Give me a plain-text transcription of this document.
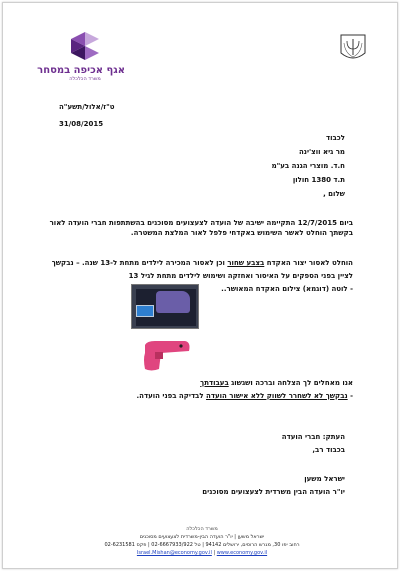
אגף אכיפה במסחר
משרד הכלכלה
ט"ז/אלול/תשע"ה
31/08/2015
לכבוד
מר גיא ווצ'ינה
ח.ד. מוצרי הגנה בע"מ
ת.ד 1380 חולון
שלום ,
ביום 12/7/2015 התקיימה ישיבה של הועדה לצעצועים מסוכנים בהשתתפות חברי הועדה לאור בקשתך הוחלט לאשר השימוש באקדחי פלפל לאור המלצת המשטרה.
הוחלט לאסור יצור האקדח בצבע שחור וכן לאסור המכירה לילדים מתחת ל-13 שנה. – נבקשך לציין בפני הספקים על האיסור ואחזקה ושימוש לילדים מתחת לגיל 13
- לוטה (דוגמא) צילום האקדח המאושר..
אנו מאחלים לך הצלחה וברכה ושגשוג בעבודתך
- נבקשך לא לשחרר לשווק ללא אישור הועדה לבדיקה בפני הועדה.
העתק: חברי הועדה
בכבוד רב,
ישראל משען
יו"ר הועדה הבין משרדית לצעצועים מסוכנים
משרד הכלכלה
ישראל משען | יו"ר הועדה הבין-משרדית לצעצועים מסוכנים
רחוב יפו 30, מגרש הרוסים, ירושלים 94142 | טל 02-6667933/922 | פקס 02-6231581
Israel.Mishan@economy.gov.il | www.economy.gov.il
